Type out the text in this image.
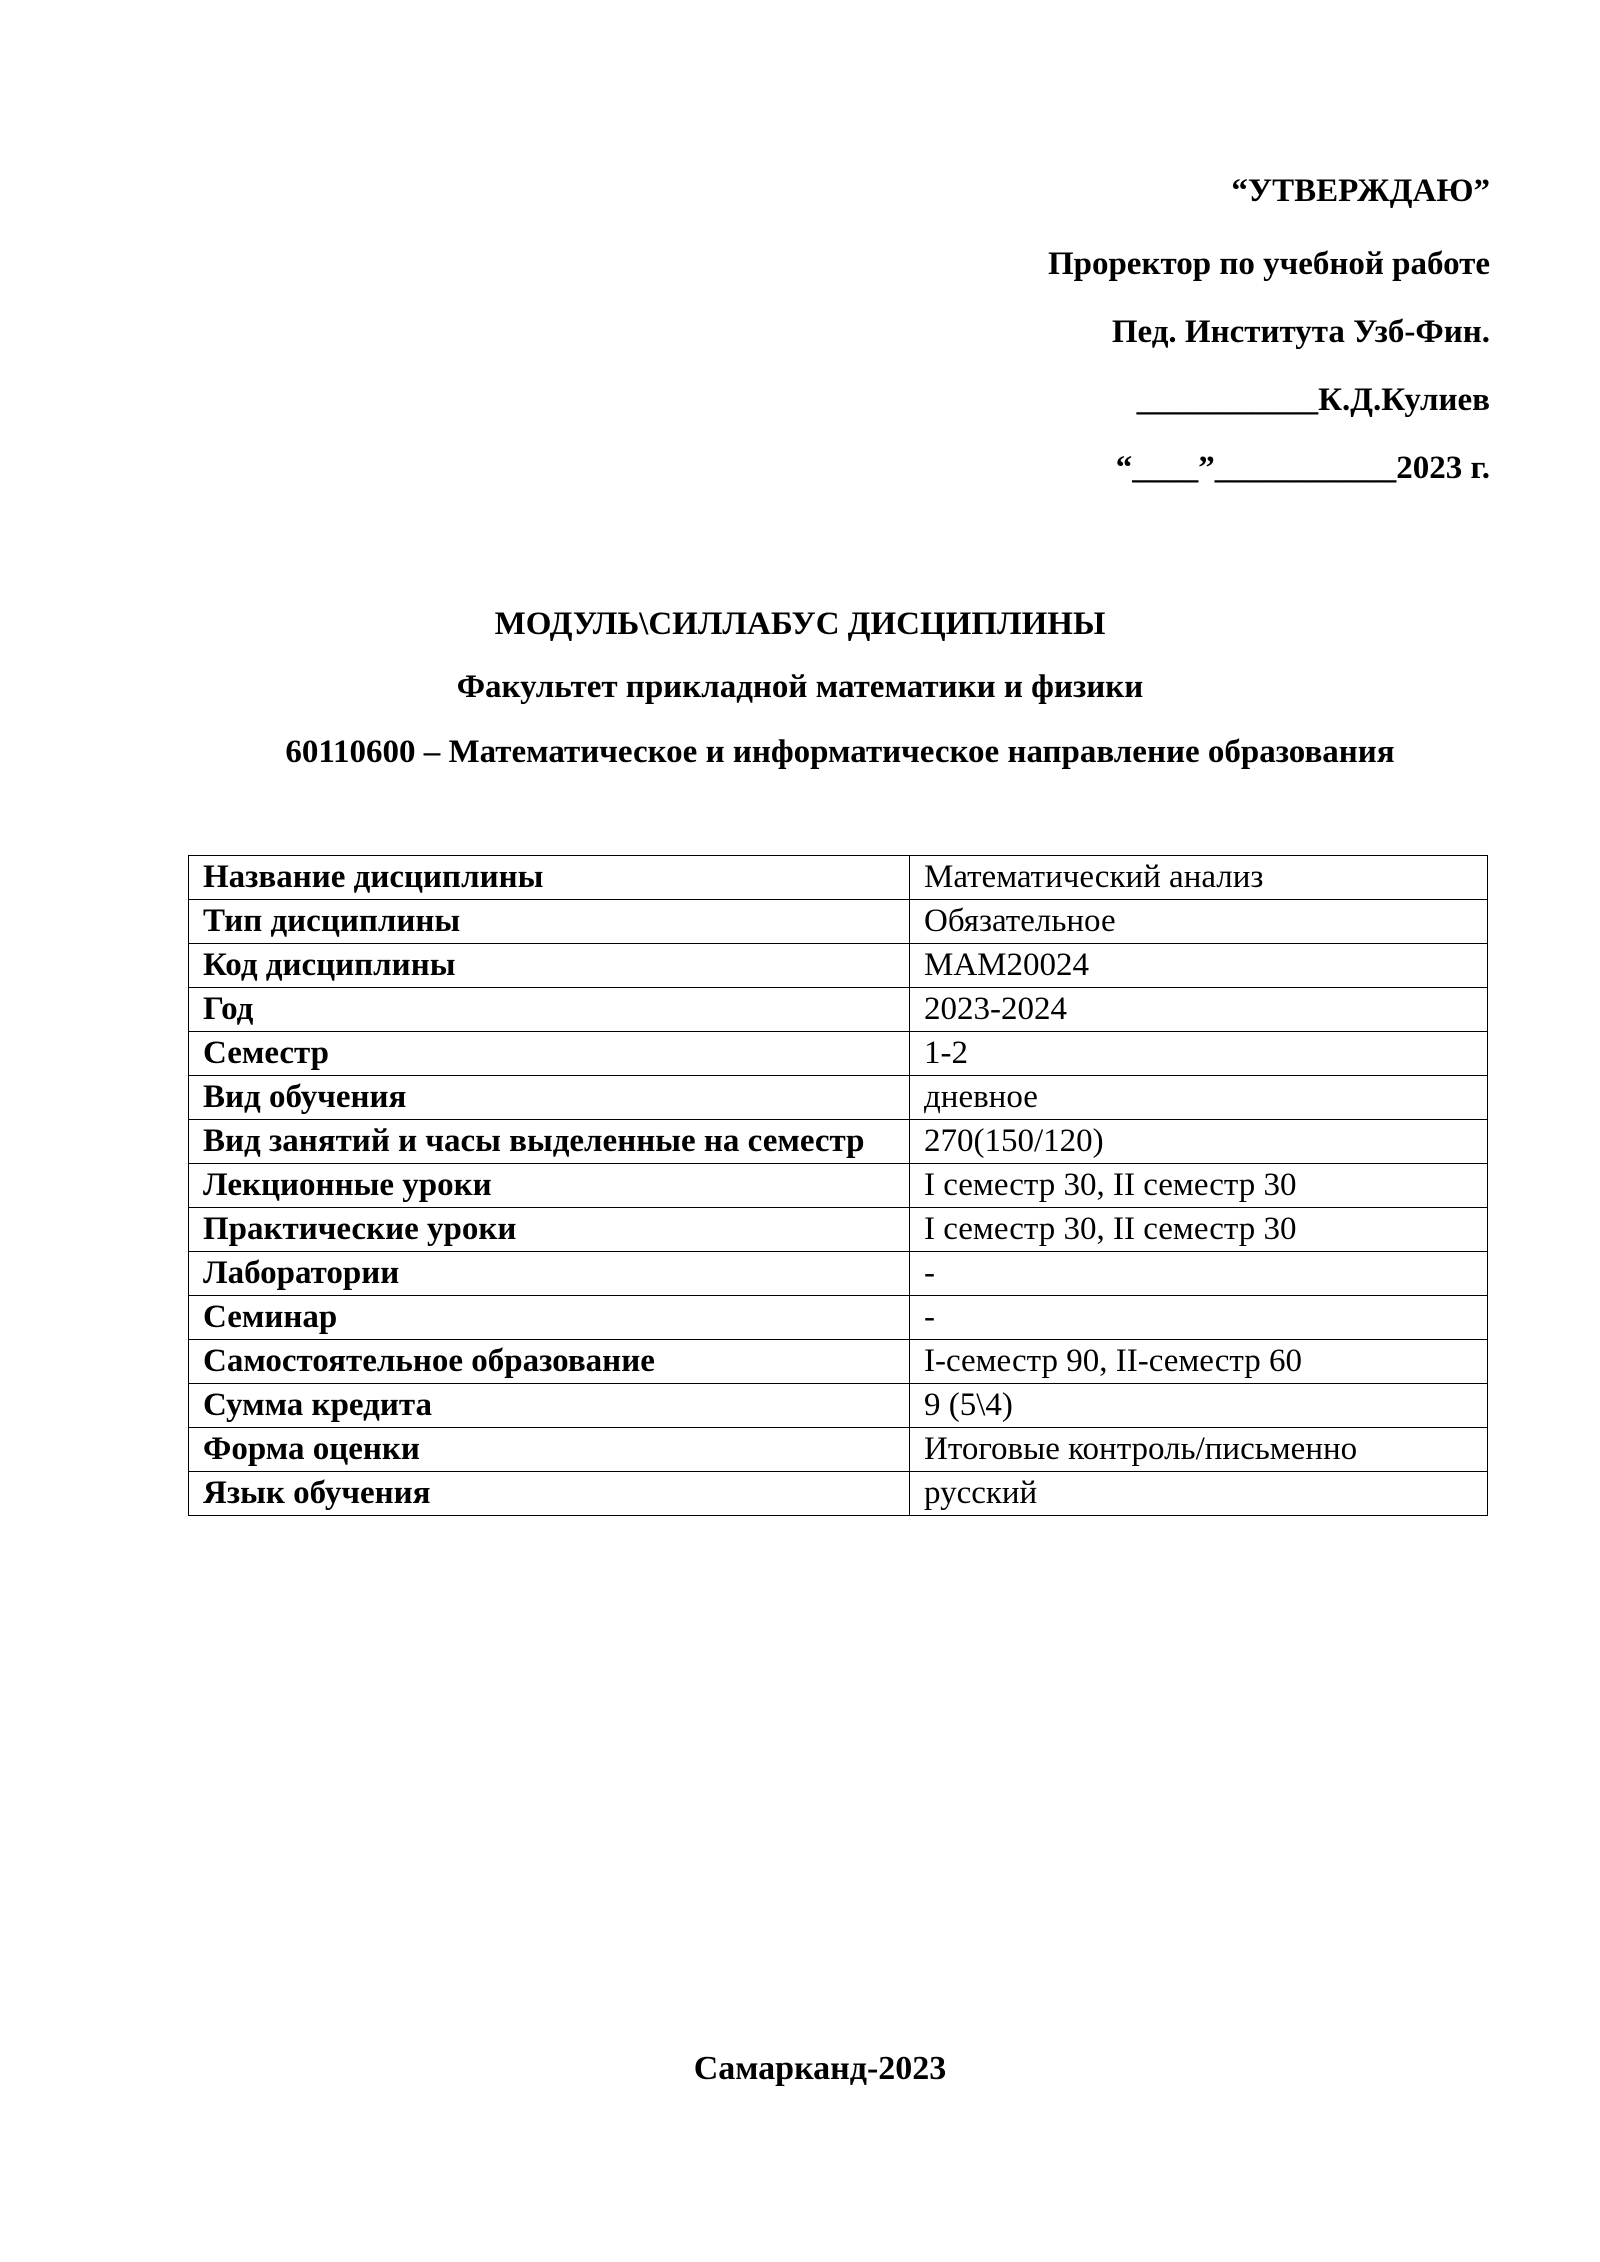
“УТВЕРЖДАЮ”
Проректор по учебной работе
Пед. Института Узб-Фин.
___________К.Д.Кулиев
“____”___________2023 г.
МОДУЛЬ\СИЛЛАБУС ДИСЦИПЛИНЫ
Факультет прикладной математики и физики
60110600 – Математическое и информатическое направление образования
Название дисциплины	Математический анализ
Тип дисциплины	Обязательное
Код дисциплины	MAM20024
Год	2023-2024
Семестр	1-2
Вид обучения	дневное
Вид занятий и часы выделенные на семестр	270(150/120)
Лекционные уроки	I семестр 30, II семестр 30
Практические уроки	I семестр 30, II семестр 30
Лаборатории	-
Семинар	-
Самостоятельное образование	I-семестр 90, II-семестр 60
Сумма кредита	9 (5\4)
Форма оценки	Итоговые контроль/письменно
Язык обучения	русский
Самарканд-2023
